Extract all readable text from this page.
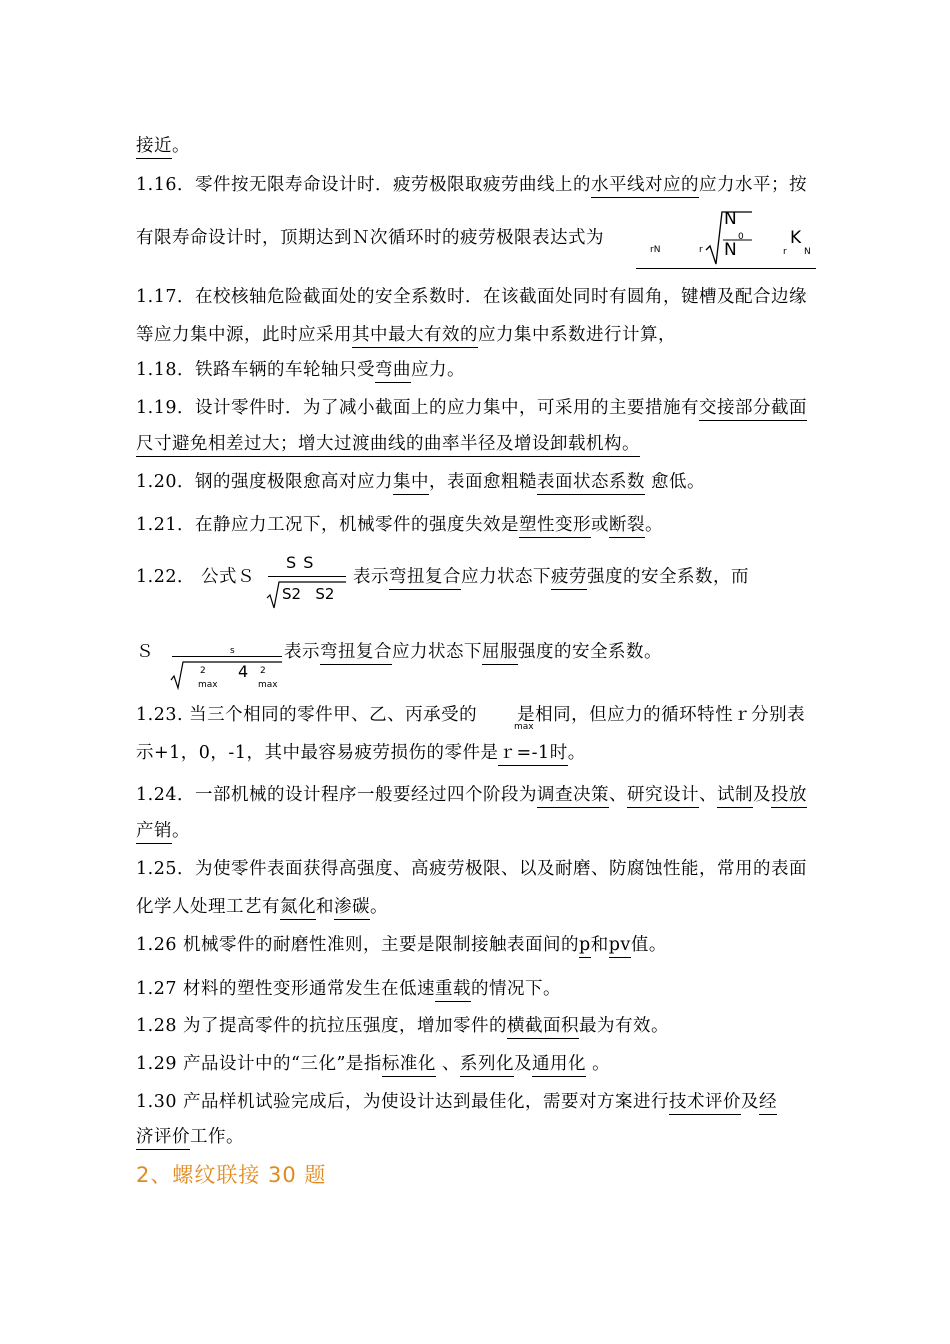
接近。
1.16．零件按无限寿命设计时．疲劳极限取疲劳曲线上的水平线对应的应力水平；按
有限寿命设计时，顶期达到Ｎ次循环时的疲劳极限表达式为
rN	r
N
0
N
K
r N
1.17．在校核轴危险截面处的安全系数时．在该截面处同时有圆角，键槽及配合边缘
等应力集中源，此时应采用其中最大有效的应力集中系数进行计算，
1.18．铁路车辆的车轮轴只受弯曲应力。
1.19．设计零件时．为了减小截面上的应力集中，可采用的主要措施有交接部分截面
尺寸避免相差过大；增大过渡曲线的曲率半径及增设卸载机构。
1.20．钢的强度极限愈高对应力集中，表面愈粗糙表面状态系数 愈低。
1.21．在静应力工况下，机械零件的强度失效是塑性变形或断裂。
1.22． 公式Ｓ	表示弯扭复合应力状态下疲劳强度的安全系数，而
S S
S2   S2
Ｓ	表示弯扭复合应力状态下屈服强度的安全系数。
s
2 4 2
max	max
1.23. 当三个相同的零件甲、乙、丙承受的 是相同，但应力的循环特性ｒ分别表
max
示+1，0，-1，其中最容易疲劳损伤的零件是ｒ=-1时。
1.24．一部机械的设计程序一般要经过四个阶段为调查决策、研究设计、试制及投放
产销。
1.25．为使零件表面获得高强度、高疲劳极限、以及耐磨、防腐蚀性能，常用的表面
化学人处理工艺有氮化和渗碳。
1.26 机械零件的耐磨性准则，主要是限制接触表面间的p和pv值。
1.27 材料的塑性变形通常发生在低速重载的情况下。
1.28 为了提高零件的抗拉压强度，增加零件的横截面积最为有效。
1.29 产品设计中的“三化”是指标准化 、系列化及通用化 。
1.30 产品样机试验完成后，为使设计达到最佳化，需要对方案进行技术评价及经
济评价工作。
2、螺纹联接 30 题
